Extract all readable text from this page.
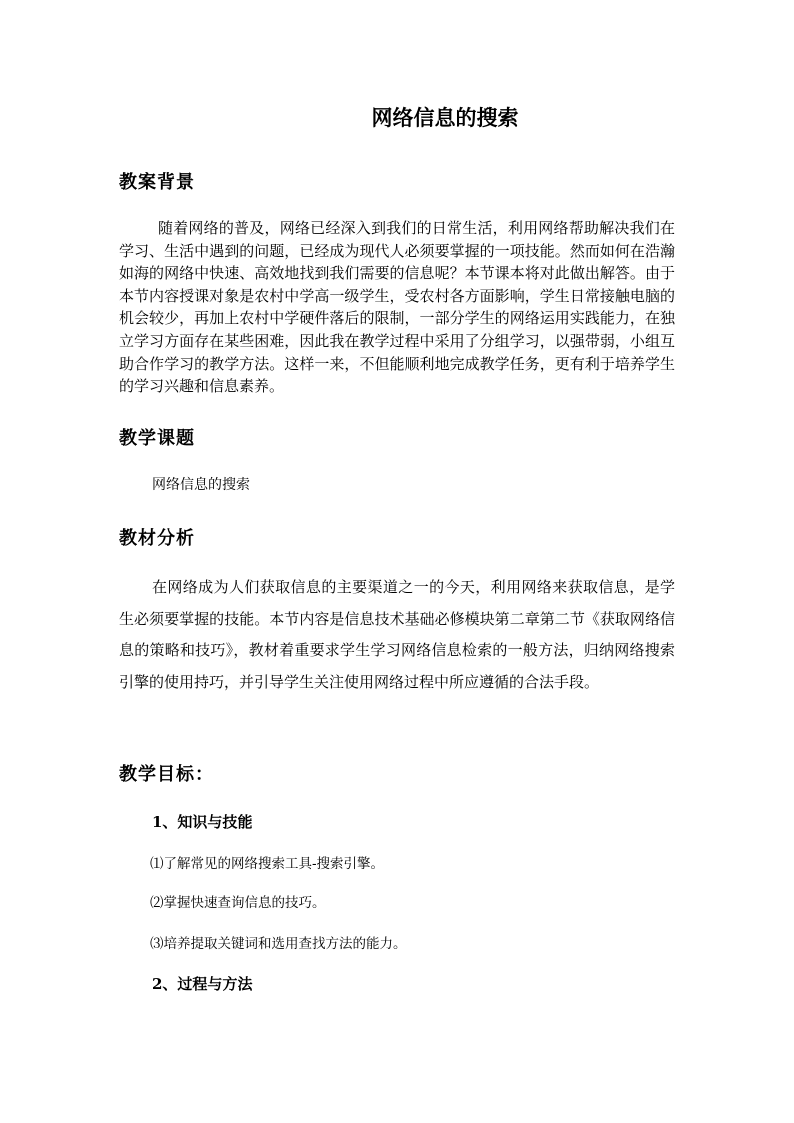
网络信息的搜索
教案背景
随着网络的普及，网络已经深入到我们的日常生活，利用网络帮助解决我们在学习、生活中遇到的问题，已经成为现代人必须要掌握的一项技能。然而如何在浩瀚如海的网络中快速、高效地找到我们需要的信息呢？本节课本将对此做出解答。由于本节内容授课对象是农村中学高一级学生，受农村各方面影响，学生日常接触电脑的机会较少，再加上农村中学硬件落后的限制，一部分学生的网络运用实践能力，在独立学习方面存在某些困难，因此我在教学过程中采用了分组学习，以强带弱，小组互助合作学习的教学方法。这样一来，不但能顺利地完成教学任务，更有利于培养学生的学习兴趣和信息素养。
教学课题
网络信息的搜索
教材分析
在网络成为人们获取信息的主要渠道之一的今天，利用网络来获取信息，是学生必须要掌握的技能。本节内容是信息技术基础必修模块第二章第二节《获取网络信息的策略和技巧》，教材着重要求学生学习网络信息检索的一般方法，归纳网络搜索引擎的使用持巧，并引导学生关注使用网络过程中所应遵循的合法手段。
教学目标：
1、知识与技能
⑴了解常见的网络搜索工具-搜索引擎。
⑵掌握快速查询信息的技巧。
⑶培养提取关键词和选用查找方法的能力。
2、过程与方法
